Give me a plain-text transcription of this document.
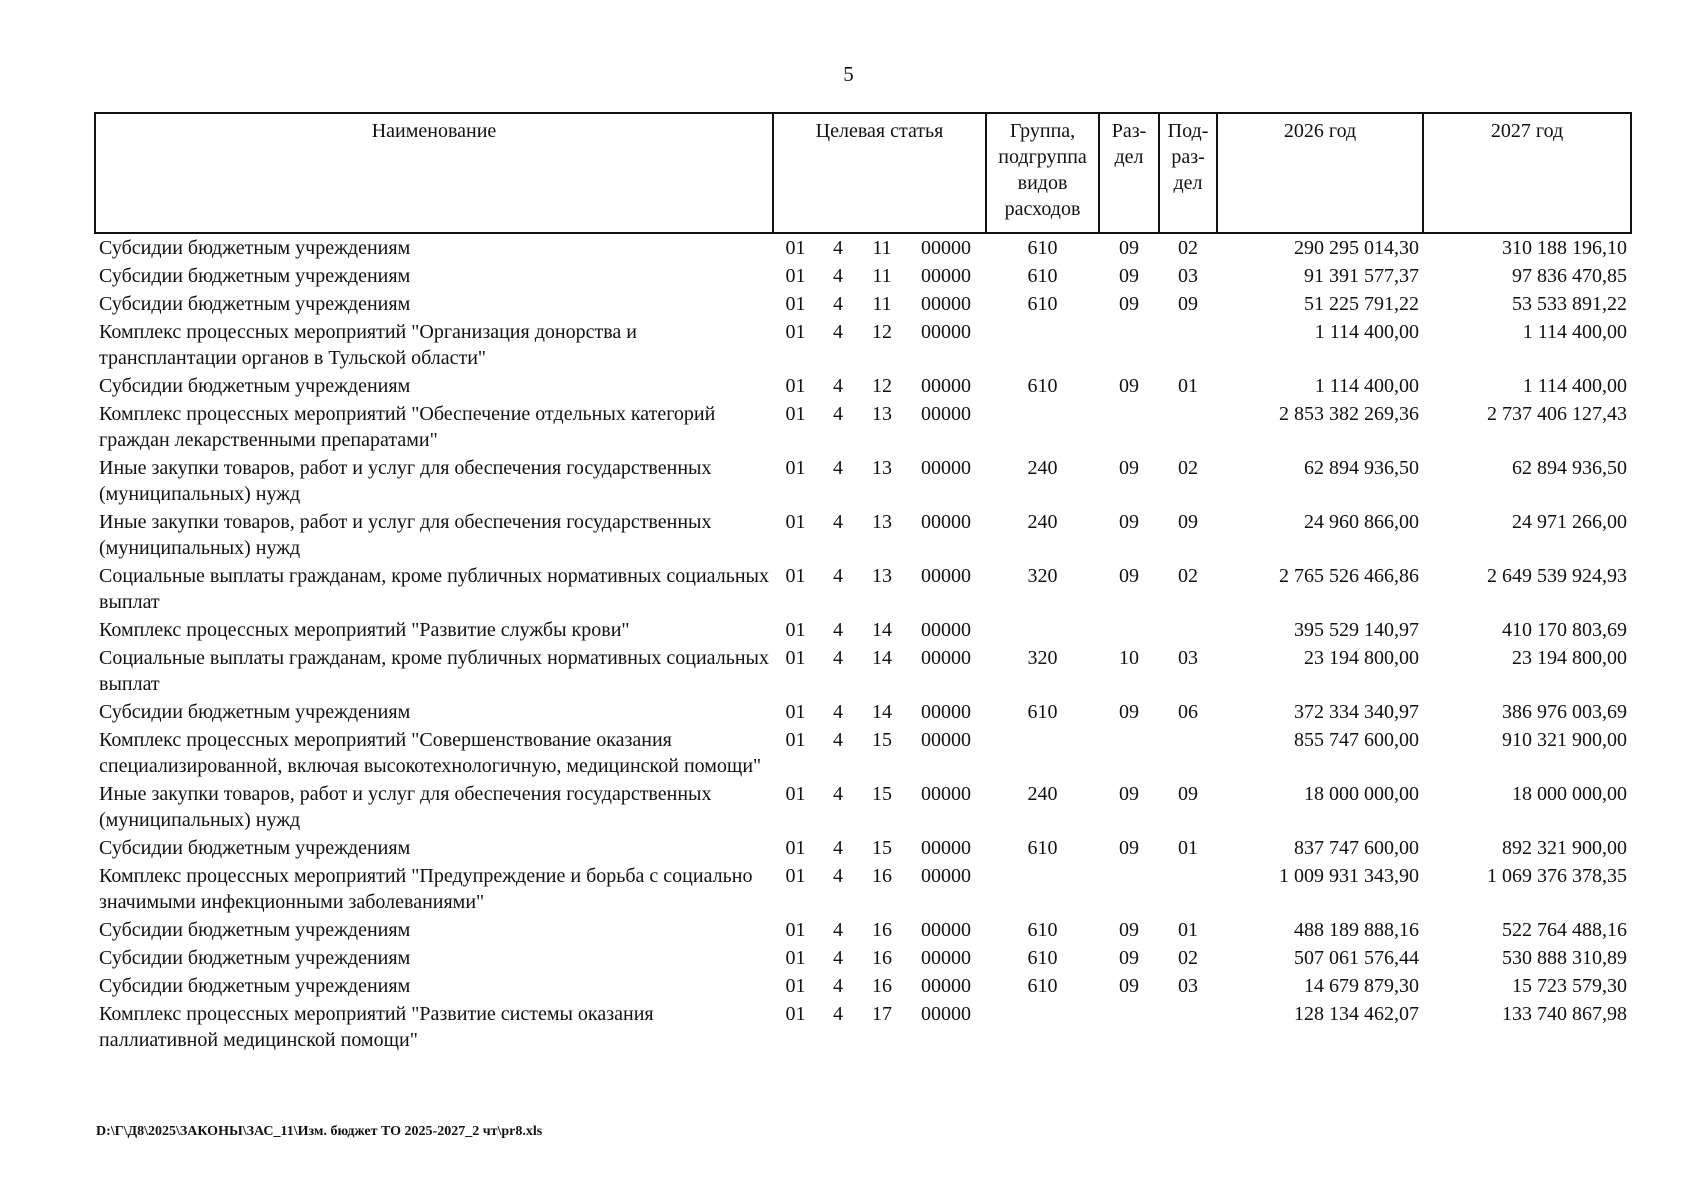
5
Наименование	Целевая статья				Группа, подгруппа видов расходов	Раз- дел	Под- раз- дел	2026 год	2027 год
Субсидии бюджетным учреждениям	01	4	11	00000	610	09	02	290 295 014,30	310 188 196,10
Субсидии бюджетным учреждениям	01	4	11	00000	610	09	03	91 391 577,37	97 836 470,85
Субсидии бюджетным учреждениям	01	4	11	00000	610	09	09	51 225 791,22	53 533 891,22
Комплекс процессных мероприятий "Организация донорства и трансплантации органов в Тульской области"	01	4	12	00000				1 114 400,00	1 114 400,00
Субсидии бюджетным учреждениям	01	4	12	00000	610	09	01	1 114 400,00	1 114 400,00
Комплекс процессных мероприятий "Обеспечение отдельных категорий граждан лекарственными препаратами"	01	4	13	00000				2 853 382 269,36	2 737 406 127,43
Иные закупки товаров, работ и услуг для обеспечения государственных (муниципальных) нужд	01	4	13	00000	240	09	02	62 894 936,50	62 894 936,50
Иные закупки товаров, работ и услуг для обеспечения государственных (муниципальных) нужд	01	4	13	00000	240	09	09	24 960 866,00	24 971 266,00
Социальные выплаты гражданам, кроме публичных нормативных социальных выплат	01	4	13	00000	320	09	02	2 765 526 466,86	2 649 539 924,93
Комплекс процессных мероприятий "Развитие службы крови"	01	4	14	00000				395 529 140,97	410 170 803,69
Социальные выплаты гражданам, кроме публичных нормативных социальных выплат	01	4	14	00000	320	10	03	23 194 800,00	23 194 800,00
Субсидии бюджетным учреждениям	01	4	14	00000	610	09	06	372 334 340,97	386 976 003,69
Комплекс процессных мероприятий "Совершенствование оказания специализированной, включая высокотехнологичную, медицинской помощи"	01	4	15	00000				855 747 600,00	910 321 900,00
Иные закупки товаров, работ и услуг для обеспечения государственных (муниципальных) нужд	01	4	15	00000	240	09	09	18 000 000,00	18 000 000,00
Субсидии бюджетным учреждениям	01	4	15	00000	610	09	01	837 747 600,00	892 321 900,00
Комплекс процессных мероприятий "Предупреждение и борьба с социально значимыми инфекционными заболеваниями"	01	4	16	00000				1 009 931 343,90	1 069 376 378,35
Субсидии бюджетным учреждениям	01	4	16	00000	610	09	01	488 189 888,16	522 764 488,16
Субсидии бюджетным учреждениям	01	4	16	00000	610	09	02	507 061 576,44	530 888 310,89
Субсидии бюджетным учреждениям	01	4	16	00000	610	09	03	14 679 879,30	15 723 579,30
Комплекс процессных мероприятий "Развитие системы оказания паллиативной медицинской помощи"	01	4	17	00000				128 134 462,07	133 740 867,98
D:\Г\Д8\2025\ЗАКОНЫ\ЗАС_11\Изм. бюджет ТО 2025-2027_2 чт\pr8.xls
